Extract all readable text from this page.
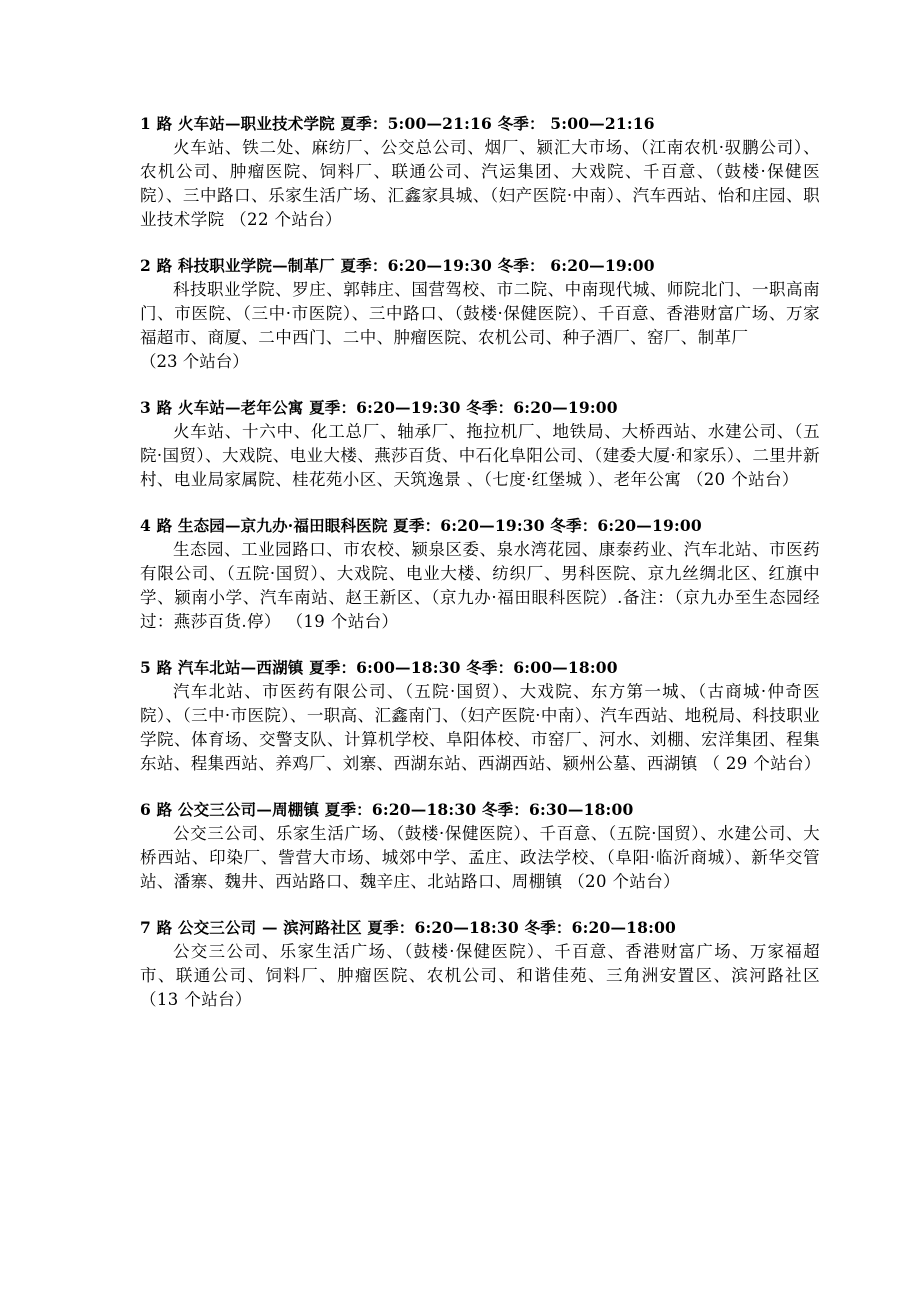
1 路 火车站—职业技术学院 夏季：5:00—21:16 冬季： 5:00—21:16

火车站、铁二处、麻纺厂、公交总公司、烟厂、颍汇大市场、（江南农机·驭鹏公司）、农机公司、肿瘤医院、饲料厂、联通公司、汽运集团、大戏院、千百意、（鼓楼·保健医院）、三中路口、乐家生活广场、汇鑫家具城、（妇产医院·中南）、汽车西站、怡和庄园、职业技术学院 （22 个站台）

2 路 科技职业学院—制革厂 夏季：6:20—19:30 冬季： 6:20—19:00

科技职业学院、罗庄、郭韩庄、国营驾校、市二院、中南现代城、师院北门、一职高南门、市医院、（三中·市医院）、三中路口、（鼓楼·保健医院）、千百意、香港财富广场、万家福超市、商厦、二中西门、二中、肿瘤医院、农机公司、种子酒厂、窑厂、制革厂

（23 个站台）

3 路 火车站—老年公寓 夏季：6:20—19:30 冬季：6:20—19:00

火车站、十六中、化工总厂、轴承厂、拖拉机厂、地铁局、大桥西站、水建公司、（五院·国贸）、大戏院、电业大楼、燕莎百货、中石化阜阳公司、（建委大厦·和家乐）、二里井新村、电业局家属院、桂花苑小区、天筑逸景 、（七度·红堡城 ）、老年公寓 （20 个站台）

4 路 生态园—京九办·福田眼科医院 夏季：6:20—19:30 冬季：6:20—19:00

生态园、工业园路口、市农校、颍泉区委、泉水湾花园、康泰药业、汽车北站、市医药有限公司、（五院·国贸）、大戏院、电业大楼、纺织厂、男科医院、京九丝绸北区、红旗中学、颍南小学、汽车南站、赵王新区、（京九办·福田眼科医院）.备注：（京九办至生态园经过：燕莎百货.停） （19 个站台）

5 路 汽车北站—西湖镇 夏季：6:00—18:30 冬季：6:00—18:00

汽车北站、市医药有限公司、（五院·国贸）、大戏院、东方第一城、（古商城·仲奇医院）、（三中·市医院）、一职高、汇鑫南门、（妇产医院·中南）、汽车西站、地税局、科技职业学院、体育场、交警支队、计算机学校、阜阳体校、市窑厂、河水、刘棚、宏洋集团、程集东站、程集西站、养鸡厂、刘寨、西湖东站、西湖西站、颍州公墓、西湖镇 （ 29 个站台）

6 路 公交三公司—周棚镇 夏季：6:20—18:30 冬季：6:30—18:00

公交三公司、乐家生活广场、（鼓楼·保健医院）、千百意、（五院·国贸）、水建公司、大桥西站、印染厂、訾营大市场、城郊中学、孟庄、政法学校、（阜阳·临沂商城）、新华交管站、潘寨、魏井、西站路口、魏辛庄、北站路口、周棚镇 （20 个站台）

7 路 公交三公司 — 滨河路社区 夏季：6:20—18:30 冬季：6:20—18:00

公交三公司、乐家生活广场、（鼓楼·保健医院）、千百意、香港财富广场、万家福超市、联通公司、饲料厂、肿瘤医院、农机公司、和谐佳苑、三角洲安置区、滨河路社区 （13 个站台）
